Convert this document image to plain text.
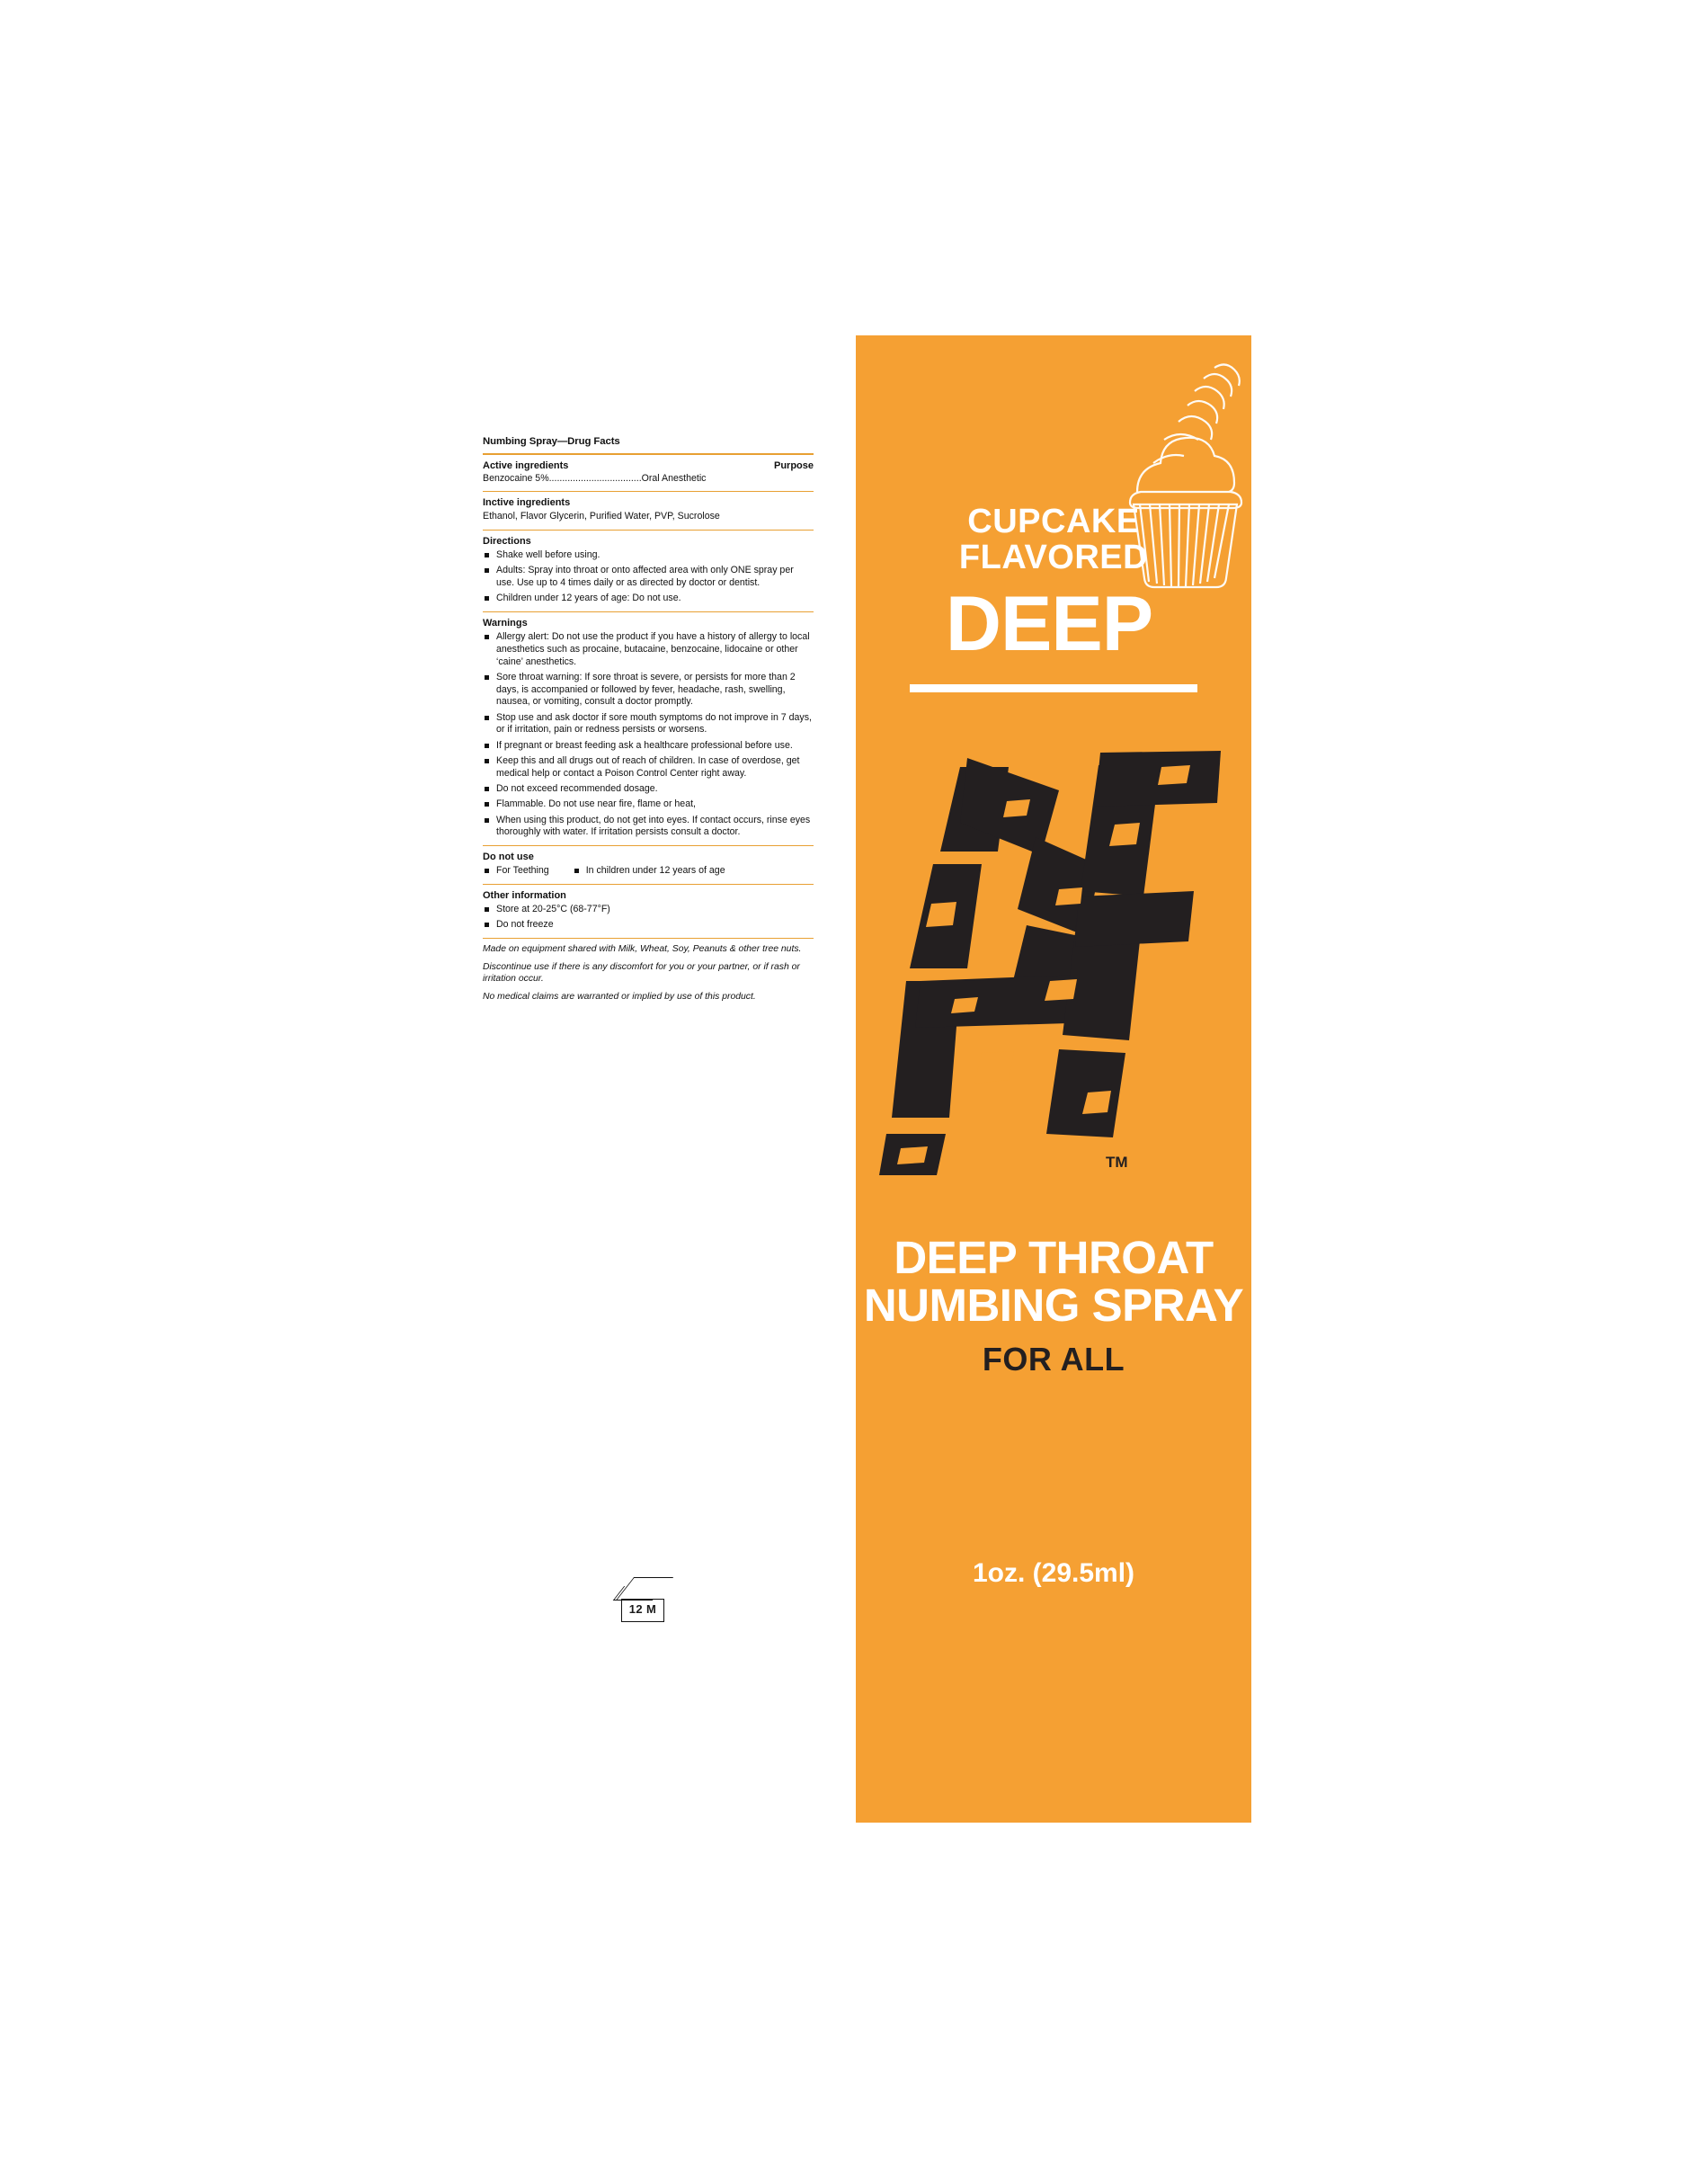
Numbing Spray—Drug Facts
Active ingredients	Purpose
Benzocaine 5%...................................Oral Anesthetic
Inctive ingredients
Ethanol, Flavor Glycerin, Purified Water, PVP, Sucrolose
Directions
Shake well before using.
Adults: Spray into throat or onto affected area with only ONE spray per use. Use up to 4 times daily or as directed by doctor or dentist.
Children under 12 years of age: Do not use.
Warnings
Allergy alert: Do not use the product if you have a history of allergy to local anesthetics such as procaine, butacaine, benzocaine, lidocaine or other ‘caine’ anesthetics.
Sore throat warning: If sore throat is severe, or persists for more than 2 days, is accompanied or followed by fever, headache, rash, swelling, nausea, or vomiting, consult a doctor promptly.
Stop use and ask doctor if sore mouth symptoms do not improve in 7 days, or if irritation, pain or redness persists or worsens.
If pregnant or breast feeding ask a healthcare professional before use.
Keep this and all drugs out of reach of children. In case of overdose, get medical help or contact a Poison Control Center right away.
Do not exceed recommended dosage.
Flammable. Do not use near fire, flame or heat,
When using this product, do not get into eyes. If contact occurs, rinse eyes thoroughly with water. If irritation persists consult a doctor.
Do not use
For Teething	In children under 12 years of age
Other information
Store at 20-25°C (68-77°F)
Do not freeze
Made on equipment shared with Milk, Wheat, Soy, Peanuts & other tree nuts.
Discontinue use if there is any discomfort for you or your partner, or if rash or irritation occur.
No medical claims are warranted or implied by use of this product.
12 M
CUPCAKE
FLAVORED
DEEP
TM
DEEP THROAT
NUMBING SPRAY
FOR ALL
1oz. (29.5ml)
